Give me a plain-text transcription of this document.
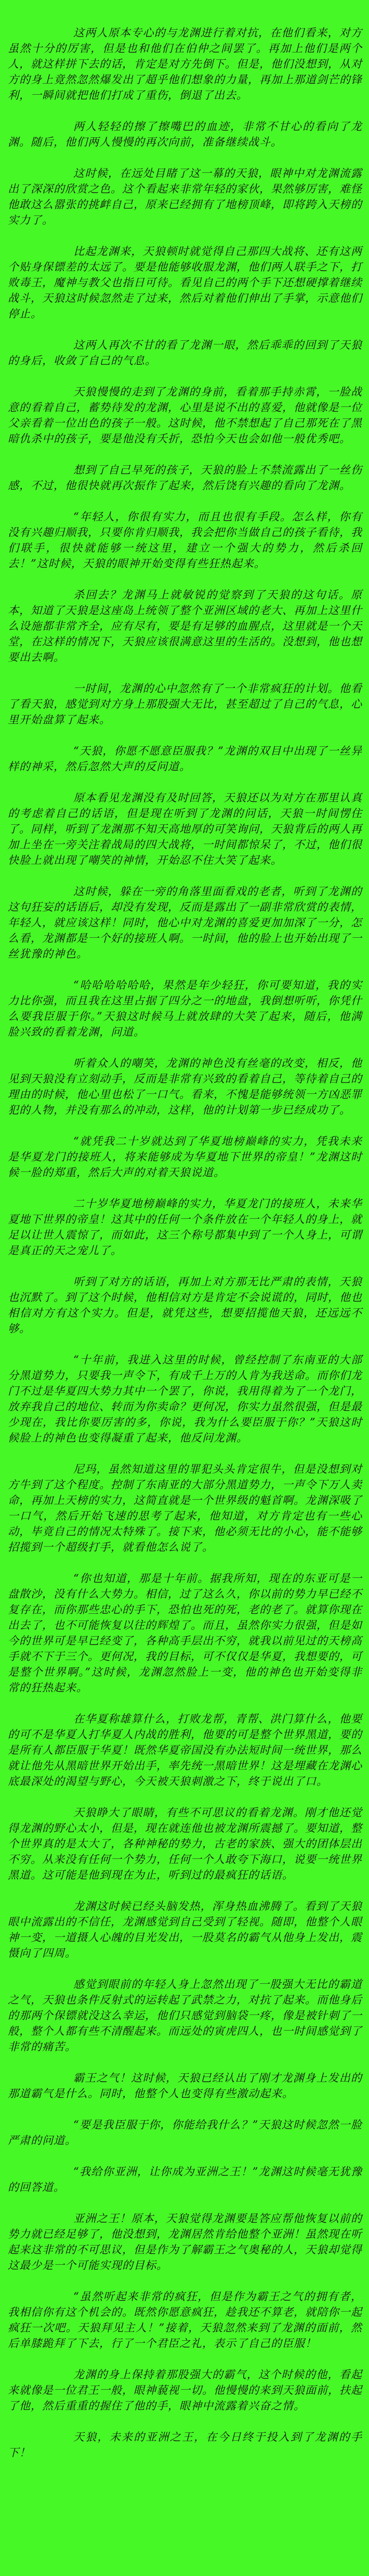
这两人原本专心的与龙渊进行着对抗，在他们看来，对方虽然十分的厉害，但是也和他们在伯仲之间罢了。再加上他们是两个人，就这样拼下去的话，肯定是对方先倒下。但是，他们没想到，从对方的身上竟然忽然爆发出了超乎他们想象的力量，再加上那道剑芒的锋利，一瞬间就把他们打成了重伤，倒退了出去。

两人轻轻的擦了擦嘴巴的血迹，非常不甘心的看向了龙渊。随后，他们两人慢慢的再次向前，准备继续战斗。

这时候，在远处目睹了这一幕的天狼，眼神中对龙渊流露出了深深的欣赏之色。这个看起来非常年轻的家伙，果然够厉害，难怪他敢这么嚣张的挑衅自己，原来已经拥有了地榜顶峰，即将跨入天榜的实力了。

比起龙渊来，天狼顿时就觉得自己那四大战将、还有这两个贴身保镖差的太远了。要是他能够收服龙渊，他们两人联手之下，打败毒王，魔神与教父也指日可待。看见自己的两个手下还想硬撑着继续战斗，天狼这时候忽然走了过来，然后对着他们伸出了手掌，示意他们停止。

这两人再次不甘的看了龙渊一眼，然后乖乖的回到了天狼的身后，收敛了自己的气息。

天狼慢慢的走到了龙渊的身前，看着那手持赤霄，一脸战意的看着自己，蓄势待发的龙渊，心里是说不出的喜爱，他就像是一位父亲看着一位出色的孩子一般。这时候，他不禁想起了自己那死在了黑暗仇杀中的孩子，要是他没有夭折，恐怕今天也会如他一般优秀吧。

想到了自己早死的孩子，天狼的脸上不禁流露出了一丝伤感，不过，他很快就再次振作了起来，然后饶有兴趣的看向了龙渊。

“年轻人，你很有实力，而且也很有手段。怎么样，你有没有兴趣归顺我，只要你肯归顺我，我会把你当做自己的孩子看待，我们联手，很快就能够一统这里，建立一个强大的势力，然后杀回去！”这时候，天狼的眼神开始变得有些狂热起来。

杀回去？龙渊马上就敏锐的觉察到了天狼的这句话。原本，知道了天狼是这座岛上统领了整个亚洲区域的老大、再加上这里什么设施都非常齐全，应有尽有，要是有足够的血腥点，这里就是一个天堂，在这样的情况下，天狼应该很满意这里的生活的。没想到，他也想要出去啊。

一时间，龙渊的心中忽然有了一个非常疯狂的计划。他看了看天狼，感觉到对方身上那股强大无比，甚至超过了自己的气息，心里开始盘算了起来。

“天狼，你愿不愿意臣服我？”龙渊的双目中出现了一丝异样的神采，然后忽然大声的反问道。

原本看见龙渊没有及时回答，天狼还以为对方在那里认真的考虑着自己的话语，但是现在听到了龙渊的问话，天狼一时间愣住了。同样，听到了龙渊那不知天高地厚的可笑询问，天狼背后的两人再加上坐在一旁关注着战局的四大战将，一时间都惊呆了，不过，他们很快脸上就出现了嘲笑的神情，开始忍不住大笑了起来。

这时候，躲在一旁的角落里面看戏的老者，听到了龙渊的这句狂妄的话语后，却没有发现，反而是露出了一副非常欣赏的表情，年轻人，就应该这样！同时，他心中对龙渊的喜爱更加加深了一分，怎么看，龙渊都是一个好的接班人啊。一时间，他的脸上也开始出现了一丝犹豫的神色。

“哈哈哈哈哈哈，果然是年少轻狂，你可要知道，我的实力比你强，而且我在这里占据了四分之一的地盘，我倒想听听，你凭什么要我臣服于你。”天狼这时候马上就放肆的大笑了起来，随后，他满脸兴致的看着龙渊，问道。

听着众人的嘲笑，龙渊的神色没有丝毫的改变，相反，他见到天狼没有立刻动手，反而是非常有兴致的看着自己，等待着自己的理由的时候，他心里也松了一口气。看来，不愧是能够统领一方凶恶罪犯的人物，并没有那么的冲动，这样，他的计划第一步已经成功了。

“就凭我二十岁就达到了华夏地榜巅峰的实力，凭我未来是华夏龙门的接班人，将来能够成为华夏地下世界的帝皇！”龙渊这时候一脸的郑重，然后大声的对着天狼说道。

二十岁华夏地榜巅峰的实力，华夏龙门的接班人，未来华夏地下世界的帝皇！这其中的任何一个条件放在一个年轻人的身上，就足以让世人震惊了，而如此，这三个称号都集中到了一个人身上，可谓是真正的天之宠儿了。

听到了对方的话语，再加上对方那无比严肃的表情，天狼也沉默了。到了这个时候，他相信对方是肯定不会说谎的，同时，他也相信对方有这个实力。但是，就凭这些，想要招揽他天狼，还远远不够。

“十年前，我进入这里的时候，曾经控制了东南亚的大部分黑道势力，只要我一声令下，有成千上万的人肯为我送命。而你们龙门不过是华夏四大势力其中一个罢了，你说，我用得着为了一个龙门，放弃我自己的地位、转而为你卖命？更何况，你实力虽然很强，但是最少现在，我比你要厉害的多，你说，我为什么要臣服于你？”天狼这时候脸上的神色也变得凝重了起来，他反问龙渊。

尼玛，虽然知道这里的罪犯头头肯定很牛，但是没想到对方牛到了这个程度。控制了东南亚的大部分黑道势力，一声令下万人卖命，再加上天榜的实力，这简直就是一个世界级的魁首啊。龙渊深吸了一口气，然后开始飞速的思考了起来，他知道，对方肯定也有一些心动，毕竟自己的情况太特殊了。接下来，他必须无比的小心，能不能够招揽到一个超级打手，就看他怎么说了。

“你也知道，那是十年前。据我所知，现在的东亚可是一盘散沙，没有什么大势力。相信，过了这么久，你以前的势力早已经不复存在，而你那些忠心的手下，恐怕也死的死，老的老了。就算你现在出去了，也不可能恢复以往的辉煌了。而且，虽然你实力很强，但是如今的世界可是早已经变了，各种高手层出不穷，就我以前见过的天榜高手就不下于三个。更何况，我的目标，可不仅仅是华夏，我想要的，可是整个世界啊。”这时候，龙渊忽然脸上一变，他的神色也开始变得非常的狂热起来。

在华夏称雄算什么，打败龙帮，青帮、洪门算什么，他要的可不是华夏人打华夏人内战的胜利，他要的可是整个世界黑道，要的是所有人都臣服于华夏！既然华夏帝国没有办法短时间一统世界，那么就让他先从黑暗世界开始出手，率先统一黑暗世界！这是埋藏在龙渊心底最深处的渴望与野心，今天被天狼刺激之下，终于说出了口。

天狼睁大了眼睛，有些不可思议的看着龙渊。刚才他还觉得龙渊的野心太小，但是，现在就连他也被龙渊所震撼了。要知道，整个世界真的是太大了，各种神秘的势力，古老的家族、强大的团体层出不穷。从来没有任何一个势力，任何一个人敢夸下海口，说要一统世界黑道。这可能是他到现在为止，听到过的最疯狂的话语。

龙渊这时候已经头脑发热，浑身热血沸腾了。看到了天狼眼中流露出的不信任，龙渊感觉到自己受到了轻视。随即，他整个人眼神一变，一道摄人心魄的目光发出，一股莫名的霸气从他身上发出，震慑向了四周。

感觉到眼前的年轻人身上忽然出现了一股强大无比的霸道之气，天狼也条件反射式的运转起了武禁之力，对抗了起来。而他身后的那两个保镖就没这么幸运，他们只感觉到脑袋一疼，像是被针刺了一般，整个人都有些不清醒起来。而远处的寅虎四人，也一时间感觉到了非常的痛苦。

霸王之气！这时候，天狼已经认出了刚才龙渊身上发出的那道霸气是什么。同时，他整个人也变得有些激动起来。

“要是我臣服于你，你能给我什么？”天狼这时候忽然一脸严肃的问道。

“我给你亚洲，让你成为亚洲之王！”龙渊这时候毫无犹豫的回答道。

亚洲之王！原本，天狼觉得龙渊要是答应帮他恢复以前的势力就已经足够了，他没想到，龙渊居然肯给他整个亚洲！虽然现在听起来这非常的不可思议，但是作为了解霸王之气奥秘的人，天狼却觉得这最少是一个可能实现的目标。

“虽然听起来非常的疯狂，但是作为霸王之气的拥有者，我相信你有这个机会的。既然你愿意疯狂，趁我还不算老，就陪你一起疯狂一次吧。天狼拜见主人！”接着，天狼忽然来到了龙渊的面前，然后单膝跪拜了下去，行了一个君臣之礼，表示了自己的臣服！

龙渊的身上保持着那股强大的霸气，这个时候的他，看起来就像是一位君王一般，眼神藐视一切。他慢慢的来到天狼面前，扶起了他，然后重重的握住了他的手，眼神中流露着兴奋之情。

天狼，未来的亚洲之王，在今日终于投入到了龙渊的手下！
